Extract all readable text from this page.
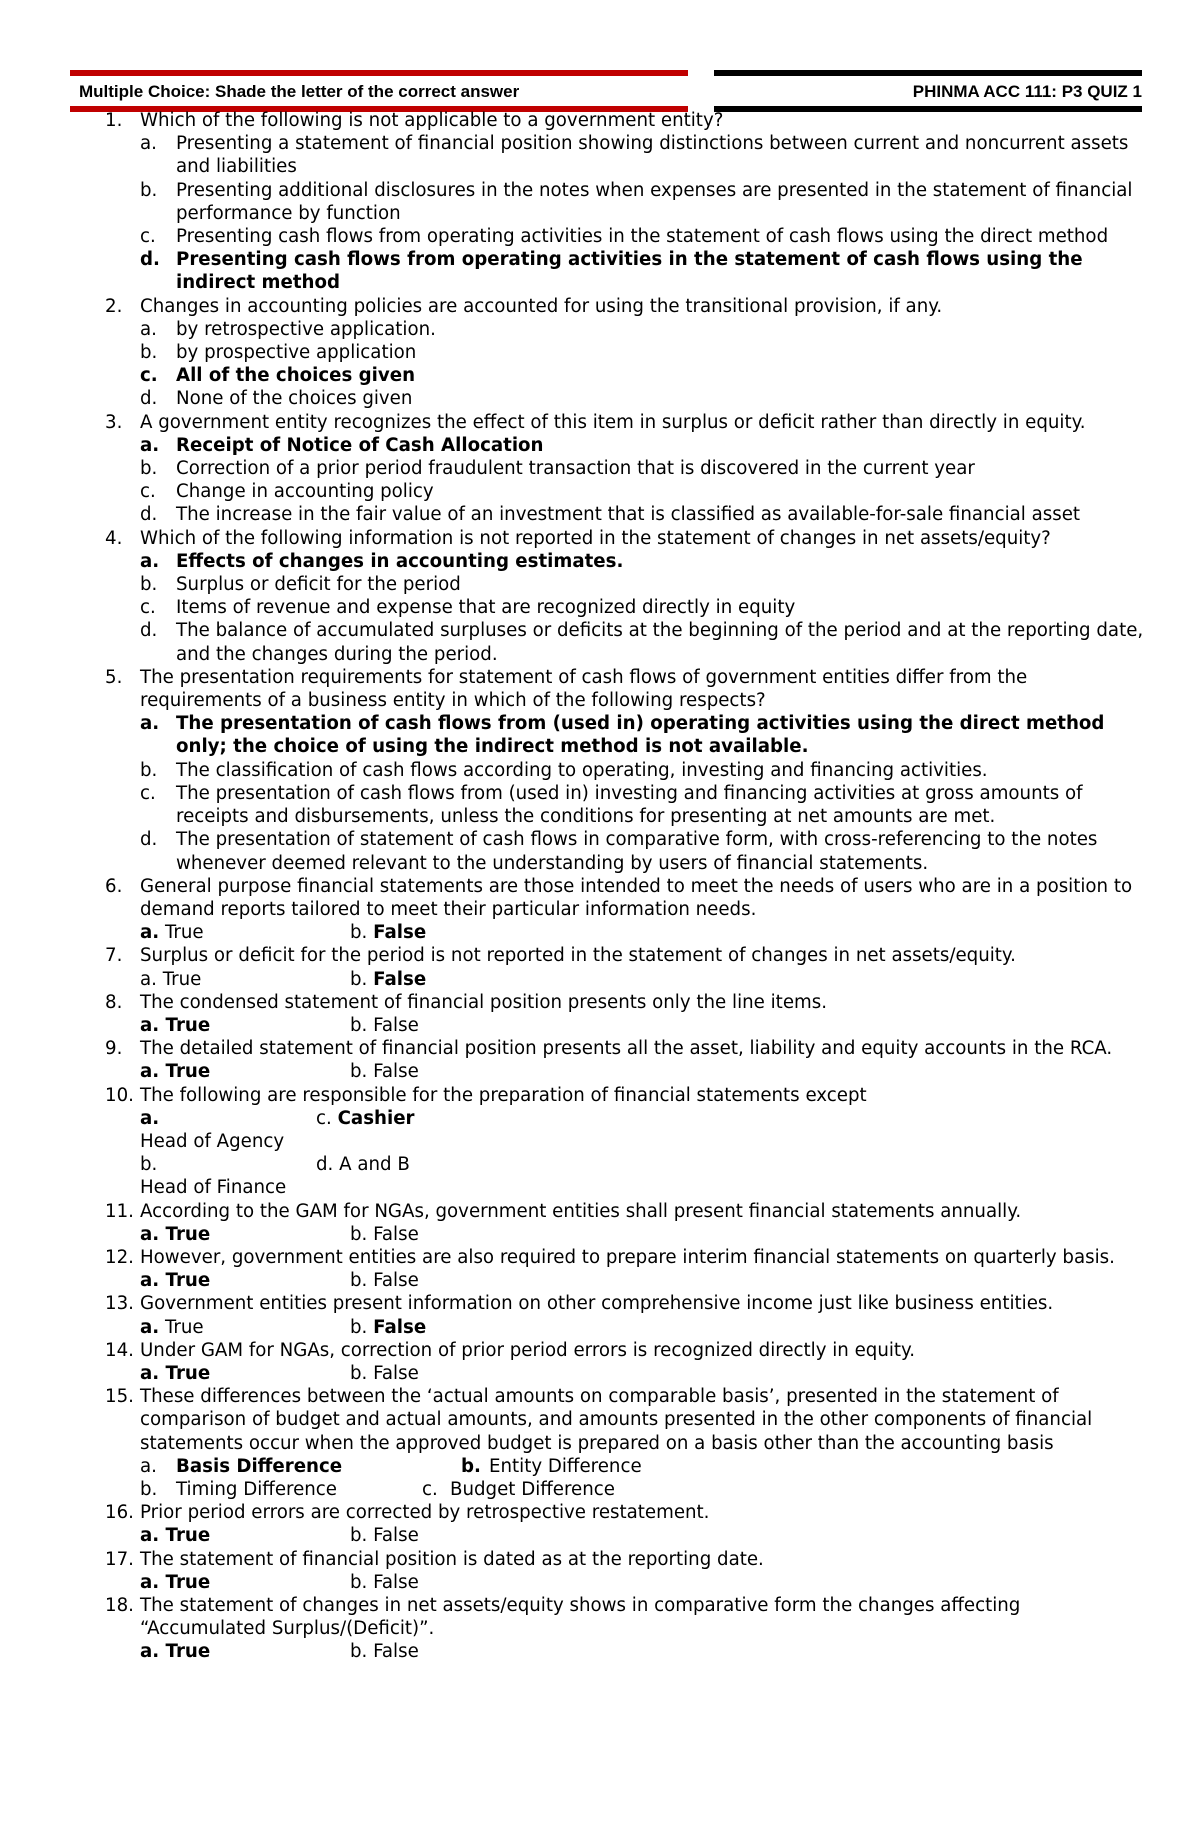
Multiple Choice: Shade the letter of the correct answer	PHINMA ACC 111: P3 QUIZ 1
1. Which of the following is not applicable to a government entity?
a.	Presenting a statement of financial position showing distinctions between current and noncurrent assets and liabilities
b.	Presenting additional disclosures in the notes when expenses are presented in the statement of financial performance by function
c.	Presenting cash flows from operating activities in the statement of cash flows using the direct method
d. Presenting cash flows from operating activities in the statement of cash flows using the indirect method
2. Changes in accounting policies are accounted for using the transitional provision, if any.
a.	by retrospective application.
b.	by prospective application
c.	All of the choices given
d.	None of the choices given
3. A government entity recognizes the effect of this item in surplus or deficit rather than directly in equity.
a. Receipt of Notice of Cash Allocation
b.	Correction of a prior period fraudulent transaction that is discovered in the current year
c.	Change in accounting policy
d.	The increase in the fair value of an investment that is classified as available-for-sale financial asset
4. Which of the following information is not reported in the statement of changes in net assets/equity?
a. Effects of changes in accounting estimates.
b.	Surplus or deficit for the period
c.	Items of revenue and expense that are recognized directly in equity
d.	The balance of accumulated surpluses or deficits at the beginning of the period and at the reporting date, and the changes during the period.
5. The presentation requirements for statement of cash flows of government entities differ from the requirements of a business entity in which of the following respects?
a. The presentation of cash flows from (used in) operating activities using the direct method only; the choice of using the indirect method is not available.
b.	The classification of cash flows according to operating, investing and financing activities.
c.	The presentation of cash flows from (used in) investing and financing activities at gross amounts of receipts and disbursements, unless the conditions for presenting at net amounts are met.
d.	The presentation of statement of cash flows in comparative form, with cross-referencing to the notes whenever deemed relevant to the understanding by users of financial statements.
6. General purpose financial statements are those intended to meet the needs of users who are in a position to demand reports tailored to meet their particular information needs.
a. True	b. False
7. Surplus or deficit for the period is not reported in the statement of changes in net assets/equity.
a. True	b. False
8. The condensed statement of financial position presents only the line items.
a. True	b. False
9. The detailed statement of financial position presents all the asset, liability and equity accounts in the RCA.
a. True	b. False
10. The following are responsible for the preparation of financial statements except
a.Head of Agency
c. Cashier
b.Head of Finance
d. A and B
11. According to the GAM for NGAs, government entities shall present financial statements annually.
a. True	b. False
12. However, government entities are also required to prepare interim financial statements on quarterly basis.
a. True	b. False
13. Government entities present information on other comprehensive income just like business entities.
a. True	b. False
14. Under GAM for NGAs, correction of prior period errors is recognized directly in equity.
a. True	b. False
15. These differences between the ‘actual amounts on comparable basis’, presented in the statement of comparison of budget and actual amounts, and amounts presented in the other components of financial statements occur when the approved budget is prepared on a basis other than the accounting basis
a. Basis Difference	b. Entity Difference
b. Timing Difference	c. Budget Difference
16. Prior period errors are corrected by retrospective restatement.
a. True	b. False
17. The statement of financial position is dated as at the reporting date.
a. True	b. False
18. The statement of changes in net assets/equity shows in comparative form the changes affecting “Accumulated Surplus/(Deficit)”.
a. True	b. False
